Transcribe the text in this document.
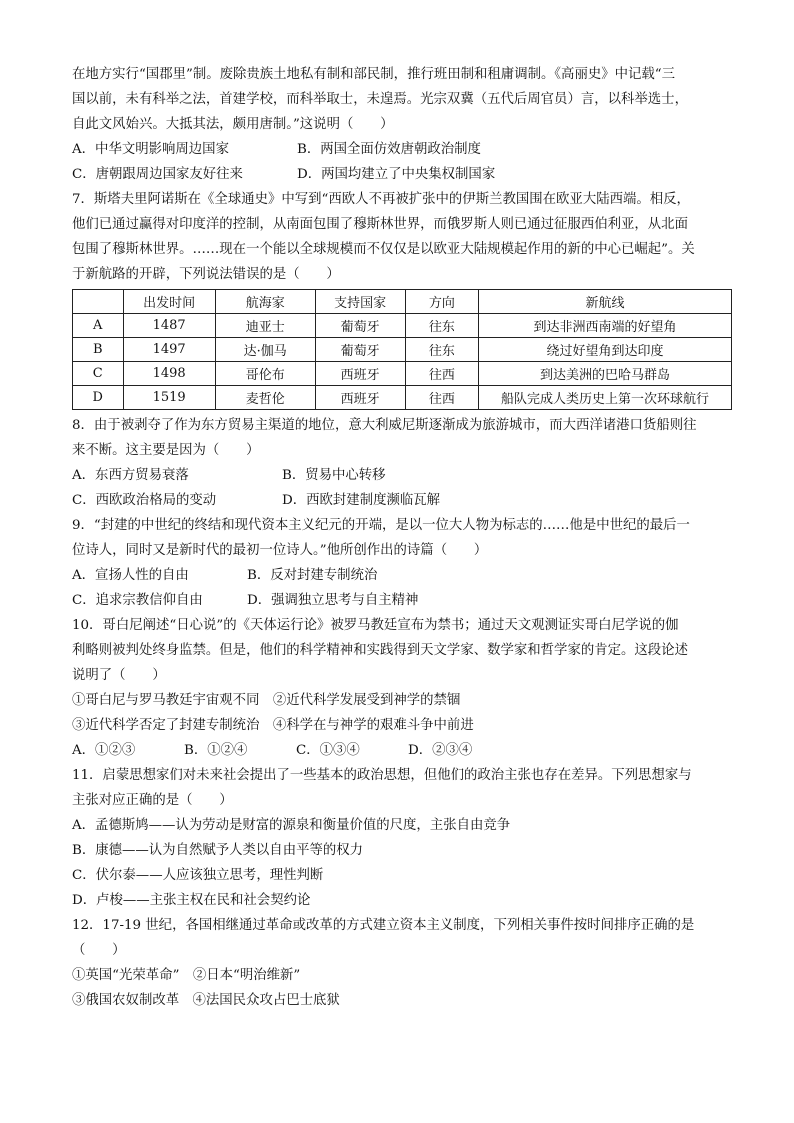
在地方实行“国郡里”制。废除贵族土地私有制和部民制，推行班田制和租庸调制。《高丽史》中记载“三

国以前，未有科举之法，首建学校，而科举取士，未遑焉。光宗双冀（五代后周官员）言，以科举选士，

自此文风始兴。大抵其法，颇用唐制。”这说明（　　）

A．中华文明影响周边国家	B．两国全面仿效唐朝政治制度
C．唐朝跟周边国家友好往来	D．两国均建立了中央集权制国家

7．斯塔夫里阿诺斯在《全球通史》中写到“西欧人不再被扩张中的伊斯兰教国围在欧亚大陆西端。相反，

他们已通过赢得对印度洋的控制，从南面包围了穆斯林世界，而俄罗斯人则已通过征服西伯利亚，从北面

包围了穆斯林世界。……现在一个能以全球规模而不仅仅是以欧亚大陆规模起作用的新的中心已崛起”。关

于新航路的开辟，下列说法错误的是（　　）

	出发时间	航海家	支持国家	方向	新航线
A	1487	迪亚士	葡萄牙	往东	到达非洲西南端的好望角
B	1497	达·伽马	葡萄牙	往东	绕过好望角到达印度
C	1498	哥伦布	西班牙	往西	到达美洲的巴哈马群岛
D	1519	麦哲伦	西班牙	往西	船队完成人类历史上第一次环球航行

8．由于被剥夺了作为东方贸易主渠道的地位，意大利威尼斯逐渐成为旅游城市，而大西洋诸港口货船则往

来不断。这主要是因为（　　）

A．东西方贸易衰落	B．贸易中心转移
C．西欧政治格局的变动	D．西欧封建制度濒临瓦解

9．“封建的中世纪的终结和现代资本主义纪元的开端，是以一位大人物为标志的……他是中世纪的最后一

位诗人，同时又是新时代的最初一位诗人。”他所创作出的诗篇（　　）

A．宣扬人性的自由	B．反对封建专制统治
C．追求宗教信仰自由	D．强调独立思考与自主精神

10．哥白尼阐述“日心说”的《天体运行论》被罗马教廷宣布为禁书；通过天文观测证实哥白尼学说的伽

利略则被判处终身监禁。但是，他们的科学精神和实践得到天文学家、数学家和哲学家的肯定。这段论述

说明了（　　）

①哥白尼与罗马教廷宇宙观不同　②近代科学发展受到神学的禁锢

③近代科学否定了封建专制统治　④科学在与神学的艰难斗争中前进

A．①②③	B．①②④	C．①③④	D．②③④

11．启蒙思想家们对未来社会提出了一些基本的政治思想，但他们的政治主张也存在差异。下列思想家与

主张对应正确的是（　　）

A．孟德斯鸠——认为劳动是财富的源泉和衡量价值的尺度，主张自由竞争

B．康德——认为自然赋予人类以自由平等的权力

C．伏尔泰——人应该独立思考，理性判断

D．卢梭——主张主权在民和社会契约论

12．17-19 世纪，各国相继通过革命或改革的方式建立资本主义制度，下列相关事件按时间排序正确的是

（　　）

①英国“光荣革命”　②日本“明治维新”

③俄国农奴制改革　④法国民众攻占巴士底狱
